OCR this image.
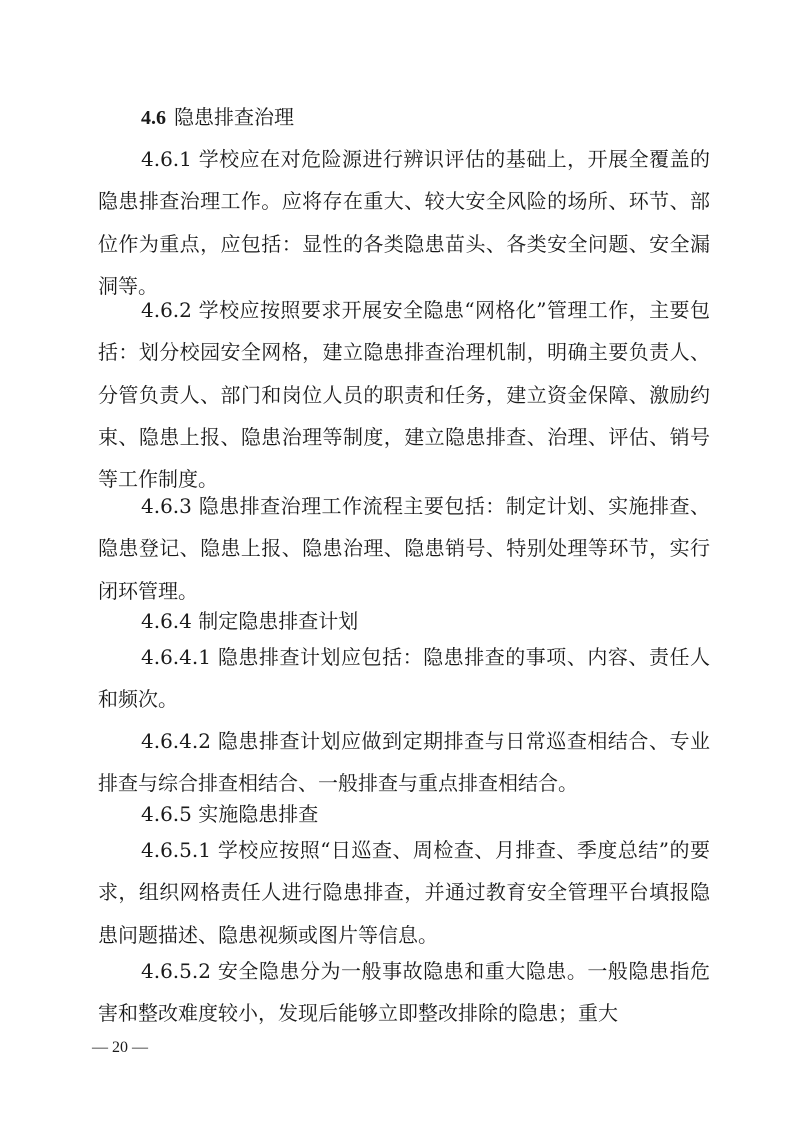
4.6 隐患排查治理

4.6.1 学校应在对危险源进行辨识评估的基础上，开展全覆盖的隐患排查治理工作。应将存在重大、较大安全风险的场所、环节、部位作为重点，应包括：显性的各类隐患苗头、各类安全问题、安全漏洞等。

4.6.2 学校应按照要求开展安全隐患“网格化”管理工作，主要包括：划分校园安全网格，建立隐患排查治理机制，明确主要负责人、分管负责人、部门和岗位人员的职责和任务，建立资金保障、激励约束、隐患上报、隐患治理等制度，建立隐患排查、治理、评估、销号等工作制度。

4.6.3 隐患排查治理工作流程主要包括：制定计划、实施排查、隐患登记、隐患上报、隐患治理、隐患销号、特别处理等环节，实行闭环管理。

4.6.4 制定隐患排查计划

4.6.4.1 隐患排查计划应包括：隐患排查的事项、内容、责任人和频次。

4.6.4.2 隐患排查计划应做到定期排查与日常巡查相结合、专业排查与综合排查相结合、一般排查与重点排查相结合。

4.6.5 实施隐患排查

4.6.5.1 学校应按照“日巡查、周检查、月排查、季度总结”的要求，组织网格责任人进行隐患排查，并通过教育安全管理平台填报隐患问题描述、隐患视频或图片等信息。

4.6.5.2 安全隐患分为一般事故隐患和重大隐患。一般隐患指危害和整改难度较小，发现后能够立即整改排除的隐患；重大

— 20 —
